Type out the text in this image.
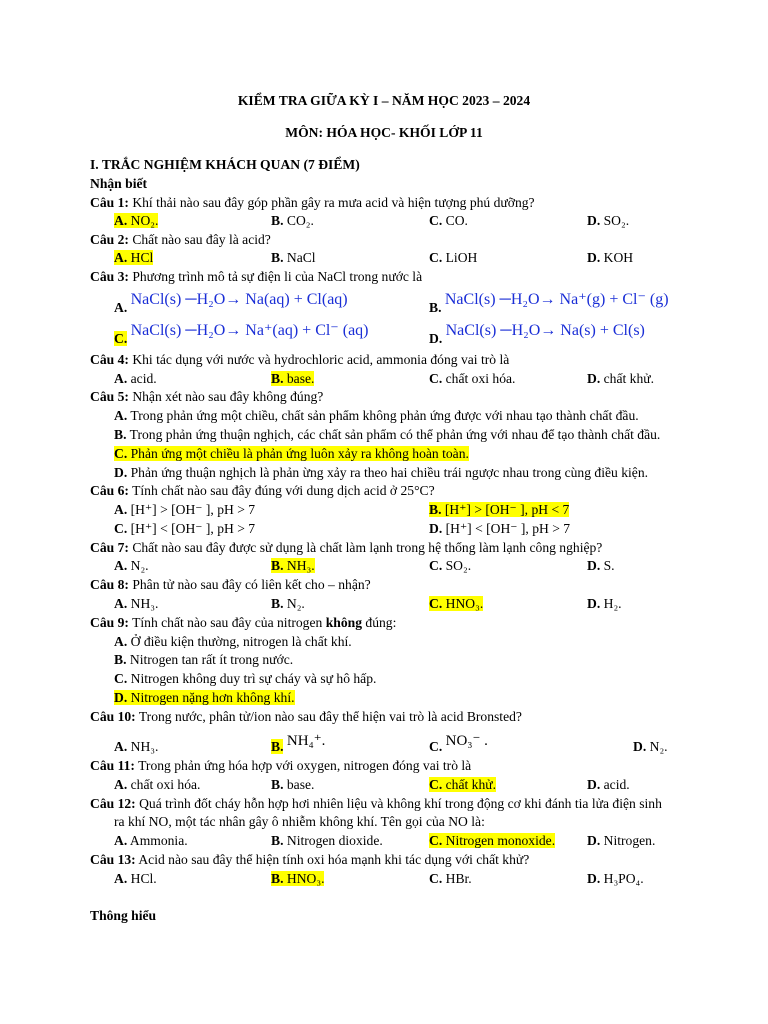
KIỂM TRA GIỮA KỲ I – NĂM HỌC 2023 – 2024
MÔN: HÓA HỌC- KHỐI LỚP 11
I. TRẮC NGHIỆM KHÁCH QUAN (7 ĐIỂM)
Nhận biết
Câu 1: Khí thải nào sau đây góp phần gây ra mưa acid và hiện tượng phú dưỡng?
A. NO₂.	B. CO₂.	C. CO.	D. SO₂.
Câu 2: Chất nào sau đây là acid?
A. HCl	B. NaCl	C. LiOH	D. KOH
Câu 3: Phương trình mô tả sự điện li của NaCl trong nước là
A. NaCl(s) ─H₂O→ Na(aq) + Cl(aq)	B. NaCl(s) ─H₂O→ Na⁺(g) + Cl⁻ (g)
C. NaCl(s) ─H₂O→ Na⁺(aq) + Cl⁻ (aq)	D. NaCl(s) ─H₂O→ Na(s) + Cl(s)
Câu 4: Khi tác dụng với nước và hydrochloric acid, ammonia đóng vai trò là
A. acid.	B. base.	C. chất oxi hóa.	D. chất khử.
Câu 5: Nhận xét nào sau đây không đúng?
A. Trong phản ứng một chiều, chất sản phẩm không phản ứng được với nhau tạo thành chất đầu.
B. Trong phản ứng thuận nghịch, các chất sản phẩm có thể phản ứng với nhau để tạo thành chất đầu.
C. Phản ứng một chiều là phản ứng luôn xảy ra không hoàn toàn.
D. Phản ứng thuận nghịch là phản ừng xảy ra theo hai chiều trái ngược nhau trong cùng điều kiện.
Câu 6: Tính chất nào sau đây đúng với dung dịch acid ở 25°C?
A. [H⁺] > [OH⁻ ], pH > 7	B. [H⁺] > [OH⁻ ], pH < 7
C. [H⁺] < [OH⁻ ], pH > 7	D. [H⁺] < [OH⁻ ], pH > 7
Câu 7: Chất nào sau đây được sử dụng là chất làm lạnh trong hệ thống làm lạnh công nghiệp?
A. N₂.	B. NH₃.	C. SO₂.	D. S.
Câu 8: Phân tử nào sau đây có liên kết cho – nhận?
A. NH₃.	B. N₂.	C. HNO₃.	D. H₂.
Câu 9: Tính chất nào sau đây của nitrogen không đúng:
A. Ở điều kiện thường, nitrogen là chất khí.
B. Nitrogen tan rất ít trong nước.
C. Nitrogen không duy trì sự cháy và sự hô hấp.
D. Nitrogen nặng hơn không khí.
Câu 10: Trong nước, phân tử/ion nào sau đây thể hiện vai trò là acid Bronsted?
A. NH₃.	B. NH₄⁺.	C. NO₃⁻ .	D. N₂.
Câu 11: Trong phản ứng hóa hợp với oxygen, nitrogen đóng vai trò là
A. chất oxi hóa.	B. base.	C. chất khử.	D. acid.
Câu 12: Quá trình đốt cháy hỗn hợp hơi nhiên liệu và không khí trong động cơ khi đánh tia lửa điện sinh
ra khí NO, một tác nhân gây ô nhiễm không khí. Tên gọi của NO là:
A. Ammonia.	B. Nitrogen dioxide.	C. Nitrogen monoxide. D. Nitrogen.
Câu 13: Acid nào sau đây thể hiện tính oxi hóa mạnh khi tác dụng với chất khử?
A. HCl.	B. HNO₃.	C. HBr.	D. H₃PO₄.
Thông hiểu
